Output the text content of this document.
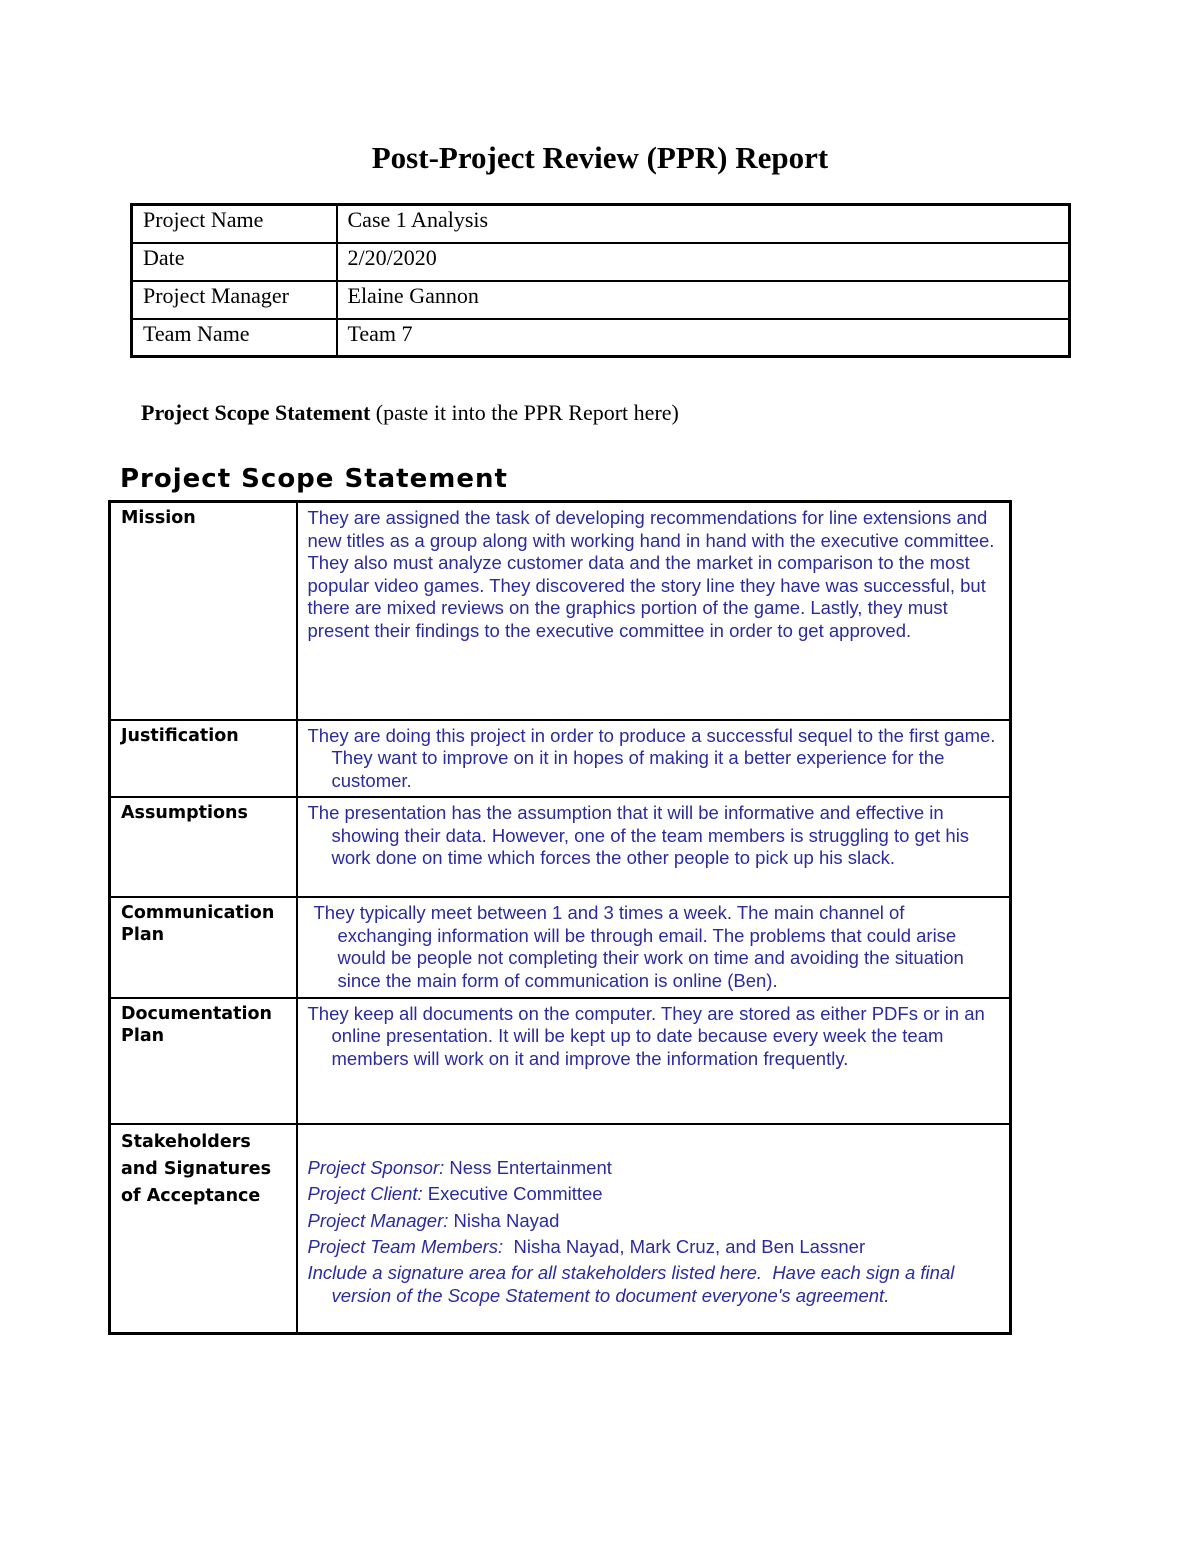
Post-Project Review (PPR) Report
Project Name	Case 1 Analysis
Date	2/20/2020
Project Manager	Elaine Gannon
Team Name	Team 7
Project Scope Statement (paste it into the PPR Report here)
Project Scope Statement
Mission	They are assigned the task of developing recommendations for line extensions and new titles as a group along with working hand in hand with the executive committee. They also must analyze customer data and the market in comparison to the most popular video games. They discovered the story line they have was successful, but there are mixed reviews on the graphics portion of the game. Lastly, they must present their findings to the executive committee in order to get approved.

Justification	They are doing this project in order to produce a successful sequel to the first game. They want to improve on it in hopes of making it a better experience for the customer.

Assumptions	The presentation has the assumption that it will be informative and effective in showing their data. However, one of the team members is struggling to get his work done on time which forces the other people to pick up his slack.

Communication Plan	They typically meet between 1 and 3 times a week. The main channel of exchanging information will be through email. The problems that could arise would be people not completing their work on time and avoiding the situation since the main form of communication is online (Ben).

Documentation Plan	They keep all documents on the computer. They are stored as either PDFs or in an online presentation. It will be kept up to date because every week the team members will work on it and improve the information frequently.

Stakeholders and Signatures of Acceptance	Project Sponsor: Ness Entertainment

Project Client: Executive Committee

Project Manager: Nisha Nayad

Project Team Members:  Nisha Nayad, Mark Cruz, and Ben Lassner

Include a signature area for all stakeholders listed here.  Have each sign a final version of the Scope Statement to document everyone's agreement.
